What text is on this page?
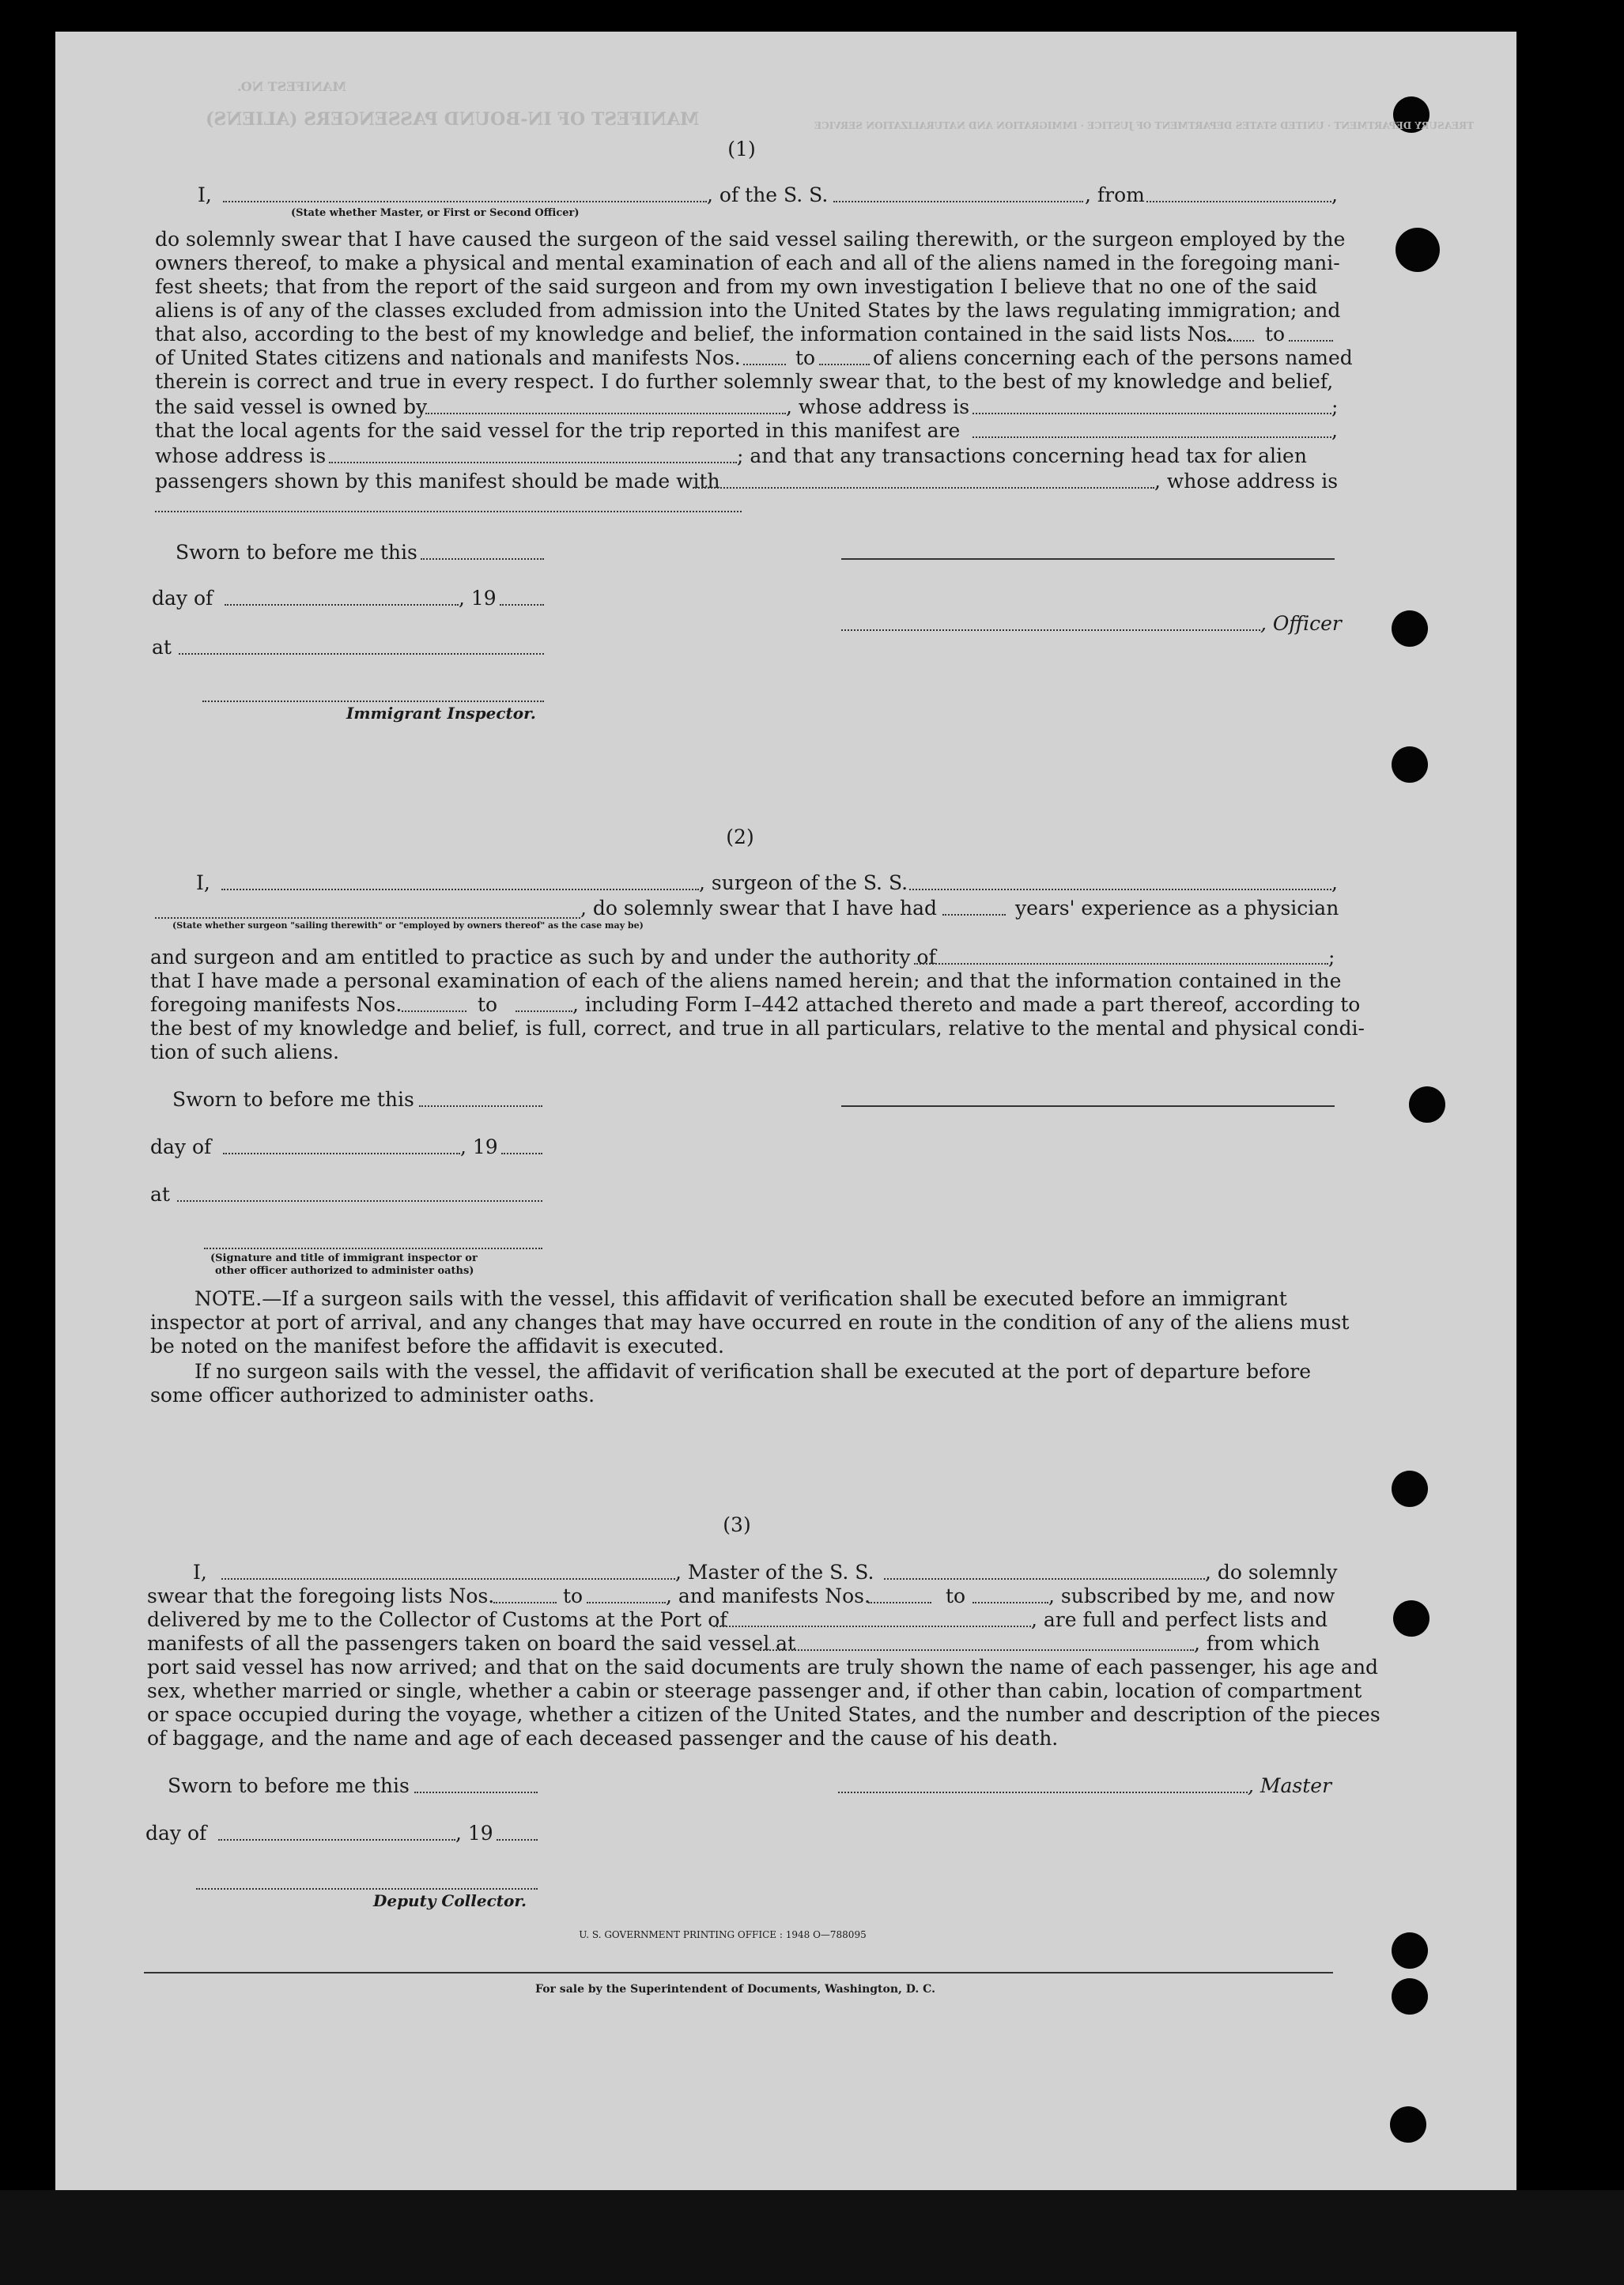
MANIFEST OF IN-BOUND PASSENGERS (ALIENS)
MANIFEST NO.
TREASURY DEPARTMENT · UNITED STATES DEPARTMENT OF JUSTICE · IMMIGRATION AND NATURALIZATION SERVICE
(1)
I,	, of the S. S.	, from	,
(State whether Master, or First or Second Officer)
do solemnly swear that I have caused the surgeon of the said vessel sailing therewith, or the surgeon employed by the
owners thereof, to make a physical and mental examination of each and all of the aliens named in the foregoing mani-
fest sheets; that from the report of the said surgeon and from my own investigation I believe that no one of the said
aliens is of any of the classes excluded from admission into the United States by the laws regulating immigration; and
that also, according to the best of my knowledge and belief, the information contained in the said lists Nos. to
of United States citizens and nationals and manifests Nos.	to	of aliens concerning each of the persons named
therein is correct and true in every respect. I do further solemnly swear that, to the best of my knowledge and belief,
the said vessel is owned by	, whose address is	;
that the local agents for the said vessel for the trip reported in this manifest are	,
whose address is	; and that any transactions concerning head tax for alien
passengers shown by this manifest should be made with	, whose address is
Sworn to before me this
day of	, 19
, Officer
at
Immigrant Inspector.
(2)
I,	, surgeon of the S. S.	,
, do solemnly swear that I have had	years' experience as a physician
(State whether surgeon "sailing therewith" or "employed by owners thereof" as the case may be)
and surgeon and am entitled to practice as such by and under the authority of	;
that I have made a personal examination of each of the aliens named herein; and that the information contained in the
foregoing manifests Nos.	to	, including Form I–442 attached thereto and made a part thereof, according to
the best of my knowledge and belief, is full, correct, and true in all particulars, relative to the mental and physical condi-
tion of such aliens.
Sworn to before me this
day of	, 19
at
(Signature and title of immigrant inspector or
other officer authorized to administer oaths)
NOTE.—If a surgeon sails with the vessel, this affidavit of verification shall be executed before an immigrant
inspector at port of arrival, and any changes that may have occurred en route in the condition of any of the aliens must
be noted on the manifest before the affidavit is executed.
If no surgeon sails with the vessel, the affidavit of verification shall be executed at the port of departure before
some officer authorized to administer oaths.
(3)
I,	, Master of the S. S.	, do solemnly
swear that the foregoing lists Nos.	to	, and manifests Nos.	to	, subscribed by me, and now
delivered by me to the Collector of Customs at the Port of	, are full and perfect lists and
manifests of all the passengers taken on board the said vessel at	, from which
port said vessel has now arrived; and that on the said documents are truly shown the name of each passenger, his age and
sex, whether married or single, whether a cabin or steerage passenger and, if other than cabin, location of compartment
or space occupied during the voyage, whether a citizen of the United States, and the number and description of the pieces
of baggage, and the name and age of each deceased passenger and the cause of his death.
Sworn to before me this	, Master
day of	, 19
Deputy Collector.
U. S. GOVERNMENT PRINTING OFFICE : 1948 O—788095
For sale by the Superintendent of Documents, Washington, D. C.
